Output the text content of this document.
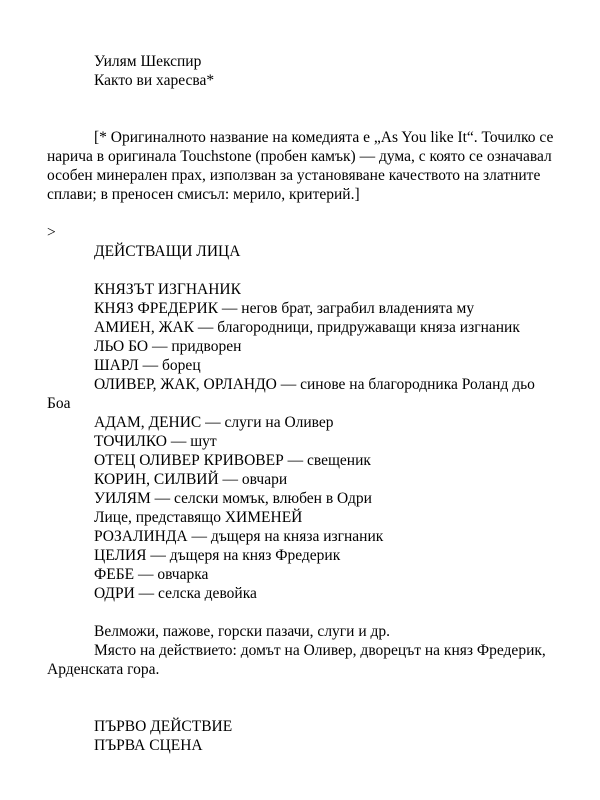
Уилям Шекспир
Както ви харесва*
[* Оригиналното название на комедията е „As You like It“. Точилко се нарича в оригинала Touchstone (пробен камък) — дума, с която се означавал особен минерален прах, използван за установяване качеството на златните сплави; в преносен смисъл: мерило, критерий.]
>
ДЕЙСТВАЩИ ЛИЦА
КНЯЗЪТ ИЗГНАНИК
КНЯЗ ФРЕДЕРИК — негов брат, заграбил владенията му
АМИЕН, ЖАК — благородници, придружаващи княза изгнаник
ЛЬО БО — придворен
ШАРЛ — борец
ОЛИВЕР, ЖАК, ОРЛАНДО — синове на благородника Роланд дьо Боа
АДАМ, ДЕНИС — слуги на Оливер
ТОЧИЛКО — шут
ОТЕЦ ОЛИВЕР КРИВОВЕР — свещеник
КОРИН, СИЛВИЙ — овчари
УИЛЯМ — селски момък, влюбен в Одри
Лице, представящо ХИМЕНЕЙ
РОЗАЛИНДА — дъщеря на княза изгнаник
ЦЕЛИЯ — дъщеря на княз Фредерик
ФЕБЕ — овчарка
ОДРИ — селска девойка
Велможи, пажове, горски пазачи, слуги и др.
Място на действието: домът на Оливер, дворецът на княз Фредерик, Арденската гора.
ПЪРВО ДЕЙСТВИЕ
ПЪРВА СЦЕНА
